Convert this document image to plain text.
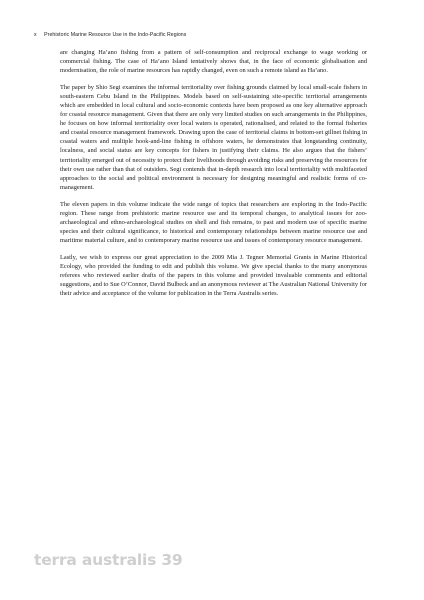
x Prehistoric Marine Resource Use in the Indo-Pacific Regions

are changing Ha’ano fishing from a pattern of self-consumption and reciprocal exchange to wage working or commercial fishing. The case of Ha’ano Island tentatively shows that, in the face of economic globalisation and modernisation, the role of marine resources has rapidly changed, even on such a remote island as Ha’ano.

The paper by Shio Segi examines the informal territoriality over fishing grounds claimed by local small-scale fishers in south-eastern Cebu Island in the Philippines. Models based on self-sustaining site-specific territorial arrangements which are embedded in local cultural and socio-economic contexts have been proposed as one key alternative approach for coastal resource management. Given that there are only very limited studies on such arrangements in the Philippines, he focuses on how informal territoriality over local waters is operated, rationalised, and related to the formal fisheries and coastal resource management framework. Drawing upon the case of territorial claims in bottom-set gillnet fishing in coastal waters and multiple hook-and-line fishing in offshore waters, he demonstrates that longstanding continuity, localness, and social status are key concepts for fishers in justifying their claims. He also argues that the fishers’ territoriality emerged out of necessity to protect their livelihoods through avoiding risks and preserving the resources for their own use rather than that of outsiders. Segi contends that in-depth research into local territoriality with multifaceted approaches to the social and political environment is necessary for designing meaningful and realistic forms of co-management.

The eleven papers in this volume indicate the wide range of topics that researchers are exploring in the Indo-Pacific region. These range from prehistoric marine resource use and its temporal changes, to analytical issues for zoo-archaeological and ethno-archaeological studies on shell and fish remains, to past and modern use of specific marine species and their cultural significance, to historical and contemporary relationships between marine resource use and maritime material culture, and to contemporary marine resource use and issues of contemporary resource management.

Lastly, we wish to express our great appreciation to the 2009 Mia J. Tegner Memorial Grants in Marine Historical Ecology, who provided the funding to edit and publish this volume. We give special thanks to the many anonymous referees who reviewed earlier drafts of the papers in this volume and provided invaluable comments and editorial suggestions, and to Sue O’Connor, David Bulbeck and an anonymous reviewer at The Australian National University for their advice and acceptance of the volume for publication in the Terra Australis series.

terra australis 39
